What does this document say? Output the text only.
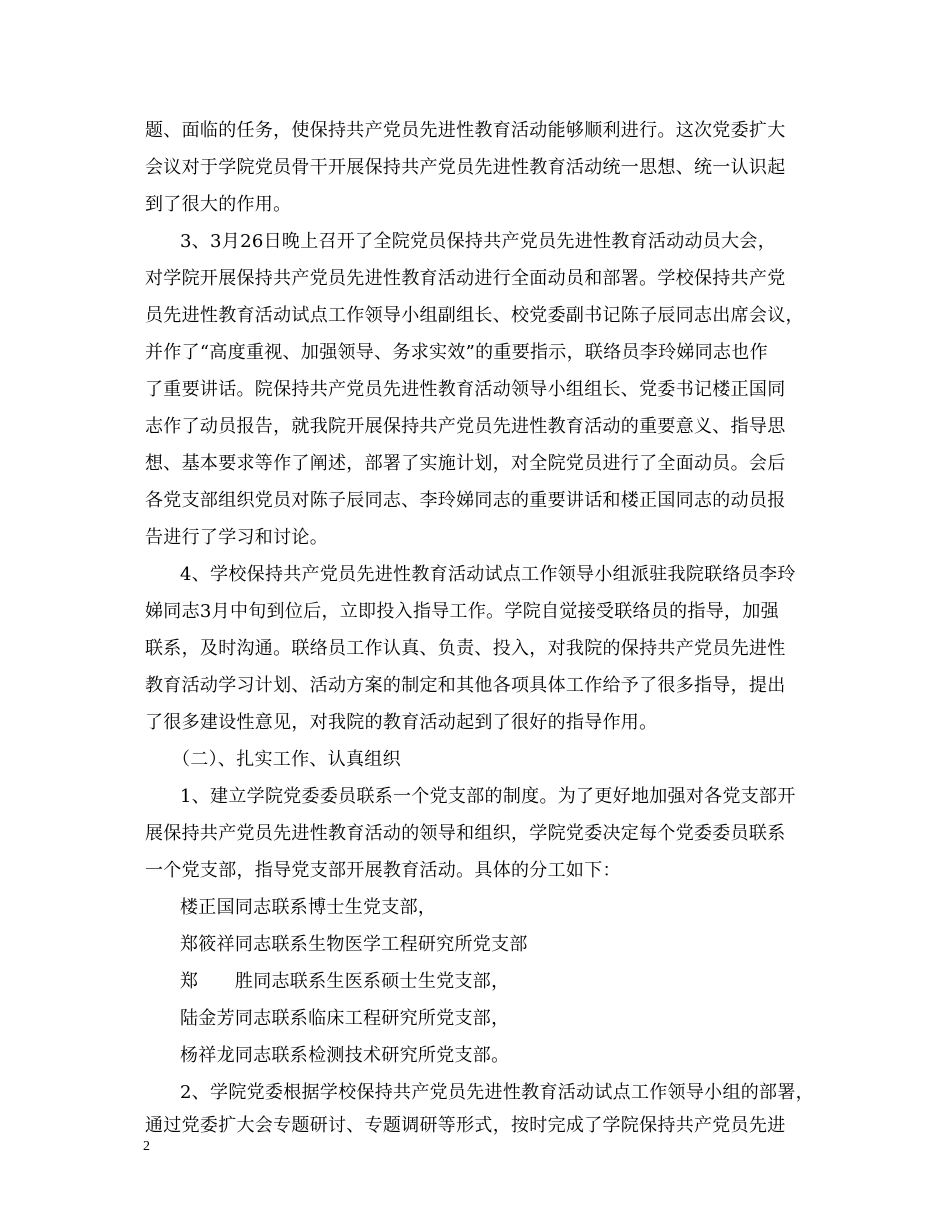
题、面临的任务，使保持共产党员先进性教育活动能够顺利进行。这次党委扩大
会议对于学院党员骨干开展保持共产党员先进性教育活动统一思想、统一认识起
到了很大的作用。
3、3月26日晚上召开了全院党员保持共产党员先进性教育活动动员大会，
对学院开展保持共产党员先进性教育活动进行全面动员和部署。学校保持共产党
员先进性教育活动试点工作领导小组副组长、校党委副书记陈子辰同志出席会议，
并作了“高度重视、加强领导、务求实效”的重要指示，联络员李玲娣同志也作
了重要讲话。院保持共产党员先进性教育活动领导小组组长、党委书记楼正国同
志作了动员报告，就我院开展保持共产党员先进性教育活动的重要意义、指导思
想、基本要求等作了阐述，部署了实施计划，对全院党员进行了全面动员。会后
各党支部组织党员对陈子辰同志、李玲娣同志的重要讲话和楼正国同志的动员报
告进行了学习和讨论。
4、学校保持共产党员先进性教育活动试点工作领导小组派驻我院联络员李玲
娣同志3月中旬到位后，立即投入指导工作。学院自觉接受联络员的指导，加强
联系，及时沟通。联络员工作认真、负责、投入，对我院的保持共产党员先进性
教育活动学习计划、活动方案的制定和其他各项具体工作给予了很多指导，提出
了很多建设性意见，对我院的教育活动起到了很好的指导作用。
（二）、扎实工作、认真组织
1、建立学院党委委员联系一个党支部的制度。为了更好地加强对各党支部开
展保持共产党员先进性教育活动的领导和组织，学院党委决定每个党委委员联系
一个党支部，指导党支部开展教育活动。具体的分工如下：
楼正国同志联系博士生党支部，
郑筱祥同志联系生物医学工程研究所党支部
郑　　胜同志联系生医系硕士生党支部，
陆金芳同志联系临床工程研究所党支部，
杨祥龙同志联系检测技术研究所党支部。
2、学院党委根据学校保持共产党员先进性教育活动试点工作领导小组的部署，
通过党委扩大会专题研讨、专题调研等形式，按时完成了学院保持共产党员先进
2
